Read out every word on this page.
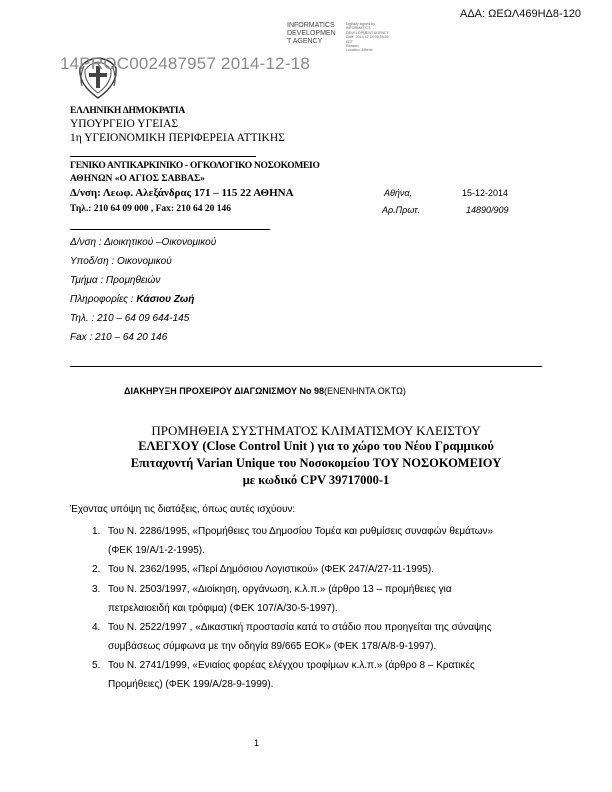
ΑΔΑ: ΩΕΩΛ469ΗΔ8-120
INFORMATICS
DEVELOPMEN
T AGENCY
Digitally signed by
INFORMATICS
DEVELOPMENT AGENCY
Date: 2014.12.18 09:55:55
EET
Reason:
Location: Athens
14PROC002487957 2014-12-18
ΕΛΛΗΝΙΚΗ ΔΗΜΟΚΡΑΤΙΑ
ΥΠΟΥΡΓΕΙΟ ΥΓΕΙΑΣ
1η ΥΓΕΙΟΝΟΜΙΚΗ ΠΕΡΙΦΕΡΕΙΑ ΑΤΤΙΚΗΣ
ΓΕΝΙΚΟ ΑΝΤΙΚΑΡΚΙΝΙΚΟ - ΟΓΚΟΛΟΓΙΚΟ ΝΟΣΟΚΟΜΕΙΟ
ΑΘΗΝΩΝ «Ο ΑΓΙΟΣ ΣΑΒΒΑΣ»
Δ/νση: Λεωφ. Αλεξάνδρας 171 – 115 22 ΑΘΗΝΑ
Τηλ.: 210 64 09 000 , Fax: 210 64 20 146
Αθήνα,	15-12-2014
Αρ.Πρωτ.	14890/909
Δ/νση : Διοικητικού –Οικονομικού
Υποδ/ση : Οικονομικού
Τμήμα : Προμηθειών
Πληροφορίες : Κάσιου Ζωή
Τηλ. : 210 – 64 09 644-145
Fax : 210 – 64 20 146
ΔΙΑΚΗΡΥΞΗ ΠΡΟΧΕΙΡΟΥ ΔΙΑΓΩΝΙΣΜΟΥ Νο 98(ΕΝΕΝΗΝΤΑ ΟΚΤΩ)
ΠΡΟΜΗΘΕΙΑ ΣΥΣΤΗΜΑΤΟΣ ΚΛΙΜΑΤΙΣΜΟΥ ΚΛΕΙΣΤΟΥ
ΕΛΕΓΧΟΥ (Close Control Unit ) για το χώρο του Νέου Γραμμικού
Επιταχυντή Varian Unique του Νοσοκομείου ΤΟΥ ΝΟΣΟΚΟΜΕΙΟΥ
με κωδικό CPV 39717000-1
Έχοντας υπόψη τις διατάξεις, όπως αυτές ισχύουν:
1. Του Ν. 2286/1995, «Προμήθειες του Δημοσίου Τομέα και ρυθμίσεις συναφών θεμάτων»
(ΦΕΚ 19/Α/1-2-1995).
2. Του Ν. 2362/1995, «Περί Δημόσιου Λογιστικού» (ΦΕΚ 247/Α/27-11-1995).
3. Του Ν. 2503/1997, «Διοίκηση, οργάνωση, κ.λ.π.» (άρθρο 13 – προμήθειες για
πετρελαιοειδή και τρόφιμα) (ΦΕΚ 107/Α/30-5-1997).
4. Του Ν. 2522/1997 , «Δικαστική προστασία κατά το στάδιο που προηγείται της σύναψης
συμβάσεως σύμφωνα με την οδηγία 89/665 ΕΟΚ» (ΦΕΚ 178/Α/8-9-1997).
5. Του Ν. 2741/1999, «Ενιαίος φορέας ελέγχου τροφίμων κ.λ.π.» (άρθρο 8 – Κρατικές
Προμήθειες) (ΦΕΚ 199/Α/28-9-1999).
1
